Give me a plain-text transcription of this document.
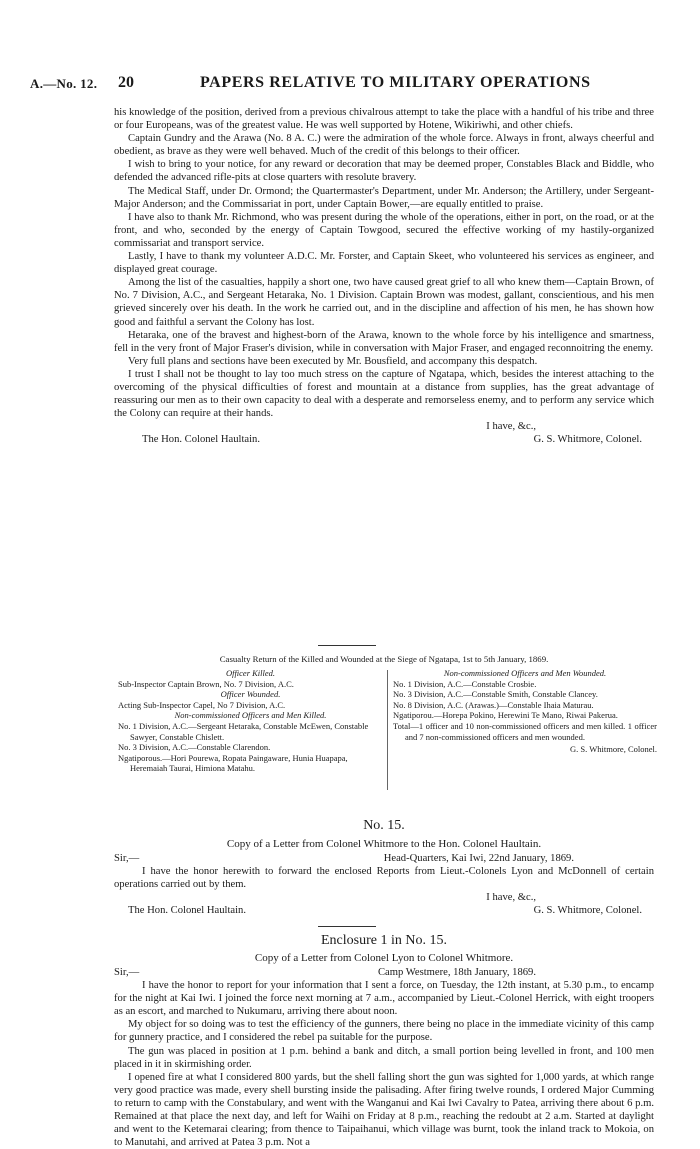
A.—No. 12. 20	PAPERS RELATIVE TO MILITARY OPERATIONS

his knowledge of the position, derived from a previous chivalrous attempt to take the place with a handful of his tribe and three or four Europeans, was of the greatest value. He was well supported by Hotene, Wikiriwhi, and other chiefs.

Captain Gundry and the Arawa (No. 8 A. C.) were the admiration of the whole force. Always in front, always cheerful and obedient, as brave as they were well behaved. Much of the credit of this belongs to their officer.

I wish to bring to your notice, for any reward or decoration that may be deemed proper, Constables Black and Biddle, who defended the advanced rifle-pits at close quarters with resolute bravery.

The Medical Staff, under Dr. Ormond; the Quartermaster's Department, under Mr. Anderson; the Artillery, under Sergeant-Major Anderson; and the Commissariat in port, under Captain Bower,—are equally entitled to praise.

I have also to thank Mr. Richmond, who was present during the whole of the operations, either in port, on the road, or at the front, and who, seconded by the energy of Captain Towgood, secured the effective working of my hastily-organized commissariat and transport service.

Lastly, I have to thank my volunteer A.D.C. Mr. Forster, and Captain Skeet, who volunteered his services as engineer, and displayed great courage.

Among the list of the casualties, happily a short one, two have caused great grief to all who knew them—Captain Brown, of No. 7 Division, A.C., and Sergeant Hetaraka, No. 1 Division. Captain Brown was modest, gallant, conscientious, and his men grieved sincerely over his death. In the work he carried out, and in the discipline and affection of his men, he has shown how good and faithful a servant the Colony has lost.

Hetaraka, one of the bravest and highest-born of the Arawa, known to the whole force by his intelligence and smartness, fell in the very front of Major Fraser's division, while in conversation with Major Fraser, and engaged reconnoitring the enemy.

Very full plans and sections have been executed by Mr. Bousfield, and accompany this despatch.

I trust I shall not be thought to lay too much stress on the capture of Ngatapa, which, besides the interest attaching to the overcoming of the physical difficulties of forest and mountain at a distance from supplies, has the great advantage of reassuring our men as to their own capacity to deal with a desperate and remorseless enemy, and to perform any service which the Colony can require at their hands.

I have, &c.,

The Hon. Colonel Haultain.	G. S. Whitmore, Colonel.
Casualty Return of the Killed and Wounded at the Siege of Ngatapa, 1st to 5th January, 1869.

Officer Killed.

Sub-Inspector Captain Brown, No. 7 Division, A.C.

Officer Wounded.

Acting Sub-Inspector Capel, No 7 Division, A.C.

Non-commissioned Officers and Men Killed.

No. 1 Division, A.C.—Sergeant Hetaraka, Constable McEwen, Constable Sawyer, Constable Chislett.

No. 3 Division, A.C.—Constable Clarendon.

Ngatiporous.—Hori Pourewa, Ropata Paingaware, Hunia Huapapa, Heremaiah Taurai, Himiona Matahu.

Non-commissioned Officers and Men Wounded.

No. 1 Division, A.C.—Constable Crosbie.

No. 3 Division, A.C.—Constable Smith, Constable Clancey.

No. 8 Division, A.C. (Arawas.)—Constable Ihaia Maturau.

Ngatiporou.—Horepa Pokino, Herewini Te Mano, Riwai Pakerua.

Total—1 officer and 10 non-commissioned officers and men killed. 1 officer and 7 non-commissioned officers and men wounded.

G. S. Whitmore, Colonel.

No. 15.
Copy of a Letter from Colonel Whitmore to the Hon. Colonel Haultain.
Sir,—	Head-Quarters, Kai Iwi, 22nd January, 1869.

I have the honor herewith to forward the enclosed Reports from Lieut.-Colonels Lyon and McDonnell of certain operations carried out by them.

I have, &c.,

The Hon. Colonel Haultain.	G. S. Whitmore, Colonel.
Enclosure 1 in No. 15.
Copy of a Letter from Colonel Lyon to Colonel Whitmore.
Sir,—	Camp Westmere, 18th January, 1869.

I have the honor to report for your information that I sent a force, on Tuesday, the 12th instant, at 5.30 p.m., to encamp for the night at Kai Iwi. I joined the force next morning at 7 a.m., accompanied by Lieut.-Colonel Herrick, with eight troopers as an escort, and marched to Nukumaru, arriving there about noon.

My object for so doing was to test the efficiency of the gunners, there being no place in the immediate vicinity of this camp for gunnery practice, and I considered the rebel pa suitable for the purpose.

The gun was placed in position at 1 p.m. behind a bank and ditch, a small portion being levelled in front, and 100 men placed in it in skirmishing order.

I opened fire at what I considered 800 yards, but the shell falling short the gun was sighted for 1,000 yards, at which range very good practice was made, every shell bursting inside the palisading. After firing twelve rounds, I ordered Major Cumming to return to camp with the Constabulary, and went with the Wanganui and Kai Iwi Cavalry to Patea, arriving there about 6 p.m. Remained at that place the next day, and left for Waihi on Friday at 8 p.m., reaching the redoubt at 2 a.m. Started at daylight and went to the Ketemarai clearing; from thence to Taipaihanui, which village was burnt, took the inland track to Mokoia, on to Manutahi, and arrived at Patea 3 p.m. Not a
